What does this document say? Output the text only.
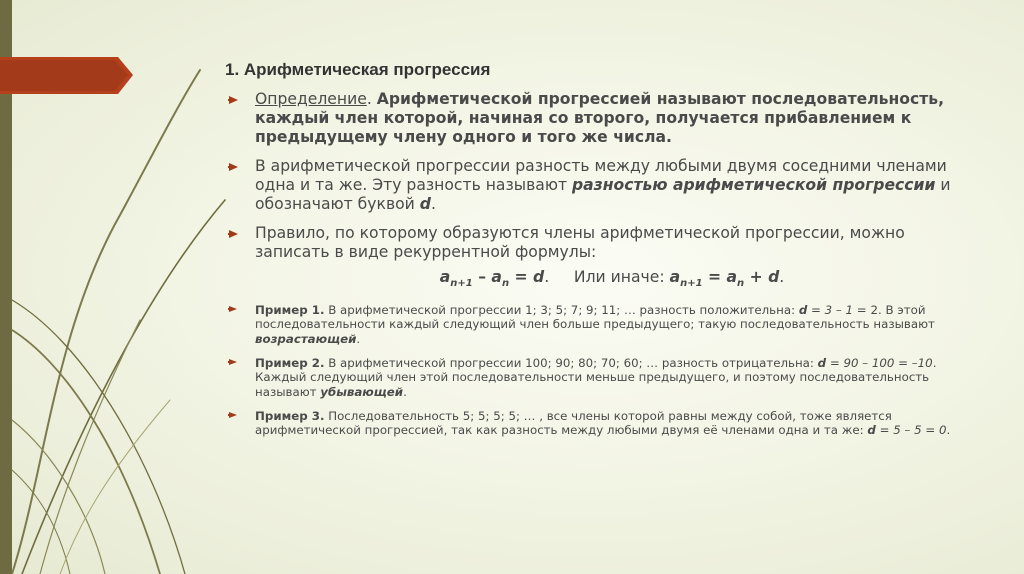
1. Арифметическая прогрессия
Определение. Арифметической прогрессией называют последовательность, каждый член которой, начиная со второго, получается прибавлением к предыдущему члену одного и того же числа.
В арифметической прогрессии разность между любыми двумя соседними членами одна и та же. Эту разность называют разностью арифметической прогрессии и обозначают буквой d.
Правило, по которому образуются члены арифметической прогрессии, можно записать в виде рекуррентной формулы:
$a_{n+1} - a_n = d$.     Или иначе: $a_{n+1} = a_n + d$.
Пример 1. В арифметической прогрессии 1; 3; 5; 7; 9; 11; … разность положительна: d = 3 – 1 = 2. В этой последовательности каждый следующий член больше предыдущего; такую последовательность называют возрастающей.
Пример 2. В арифметической прогрессии 100; 90; 80; 70; 60; … разность отрицательна: d = 90 – 100 = –10. Каждый следующий член этой последовательности меньше предыдущего, и поэтому последовательность называют убывающей.
Пример 3. Последовательность 5; 5; 5; 5; … , все члены которой равны между собой, тоже является арифметической прогрессией, так как разность между любыми двумя её членами одна и та же: d = 5 – 5 = 0.
